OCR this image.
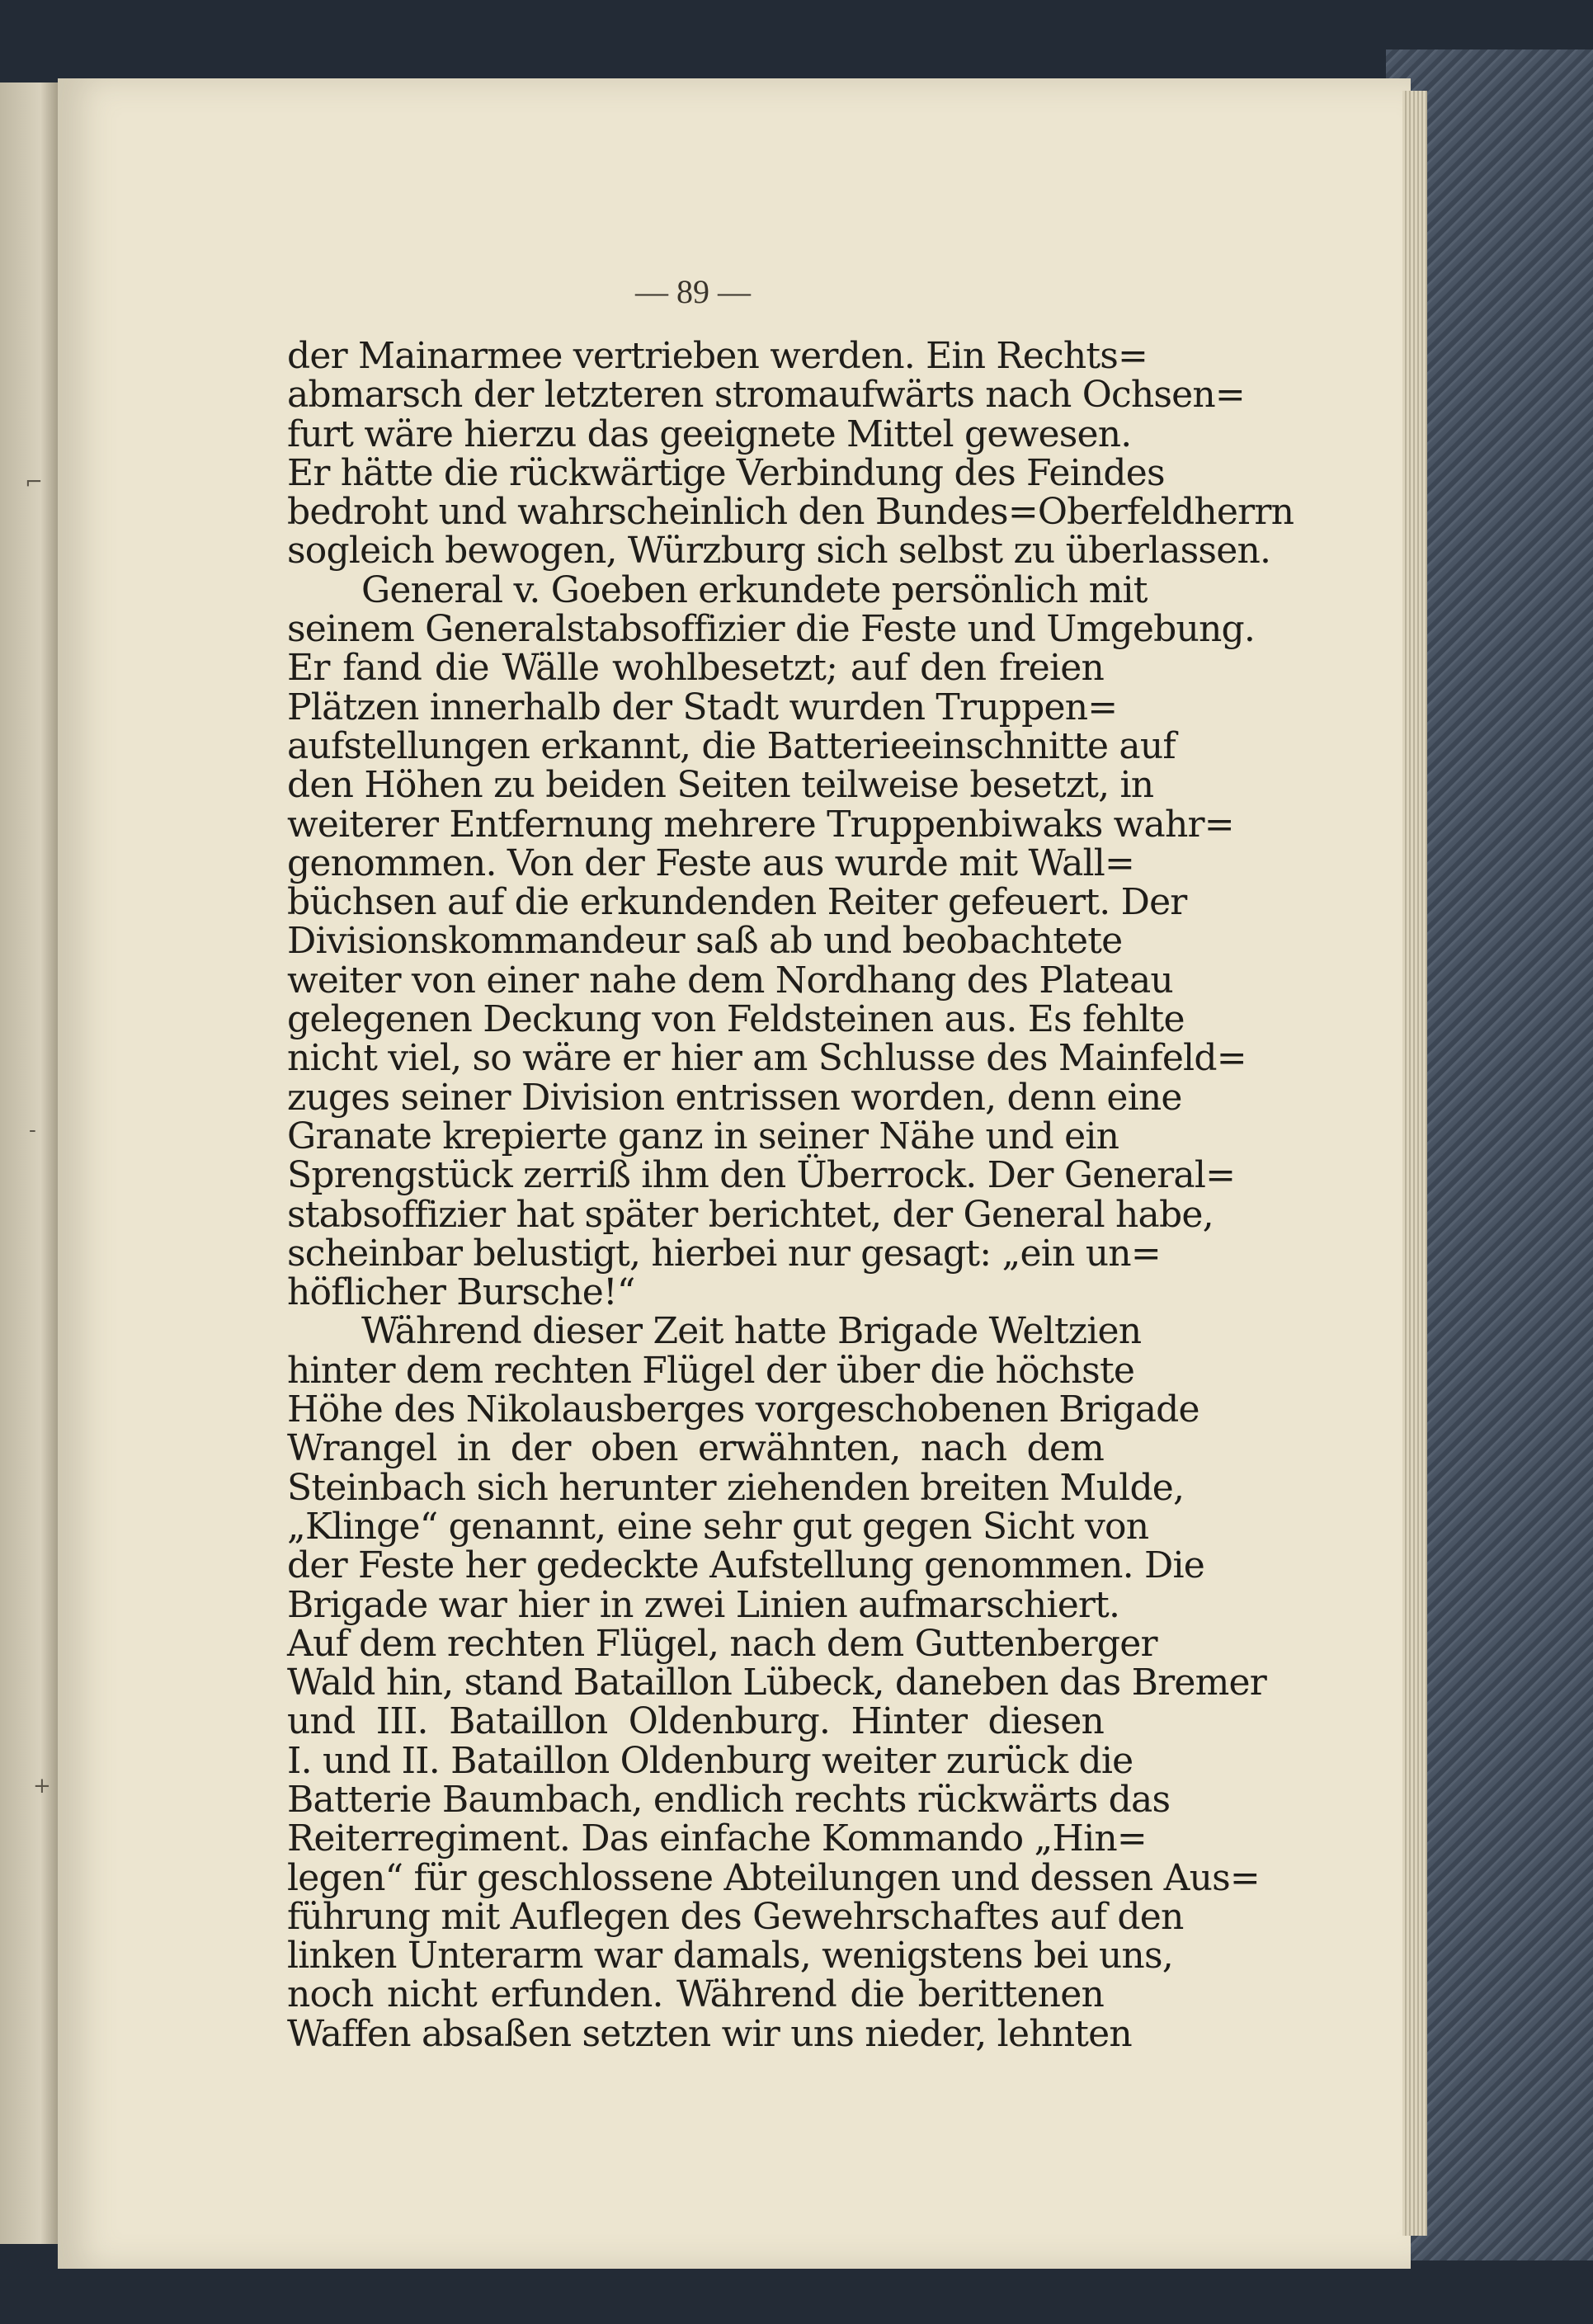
— 89 —
der Mainarmee vertrieben werden. Ein Rechts=
abmarsch der letzteren stromaufwärts nach Ochsen=
furt wäre hierzu das geeignete Mittel gewesen.
Er hätte die rückwärtige Verbindung des Feindes
bedroht und wahrscheinlich den Bundes=Oberfeldherrn
sogleich bewogen, Würzburg sich selbst zu überlassen.
General v. Goeben erkundete persönlich mit
seinem Generalstabsoffizier die Feste und Umgebung.
Er fand die Wälle wohlbesetzt; auf den freien
Plätzen innerhalb der Stadt wurden Truppen=
aufstellungen erkannt, die Batterieeinschnitte auf
den Höhen zu beiden Seiten teilweise besetzt, in
weiterer Entfernung mehrere Truppenbiwaks wahr=
genommen. Von der Feste aus wurde mit Wall=
büchsen auf die erkundenden Reiter gefeuert. Der
Divisionskommandeur saß ab und beobachtete
weiter von einer nahe dem Nordhang des Plateau
gelegenen Deckung von Feldsteinen aus. Es fehlte
nicht viel, so wäre er hier am Schlusse des Mainfeld=
zuges seiner Division entrissen worden, denn eine
Granate krepierte ganz in seiner Nähe und ein
Sprengstück zerriß ihm den Überrock. Der General=
stabsoffizier hat später berichtet, der General habe,
scheinbar belustigt, hierbei nur gesagt: „ein un=
höflicher Bursche!“
Während dieser Zeit hatte Brigade Weltzien
hinter dem rechten Flügel der über die höchste
Höhe des Nikolausberges vorgeschobenen Brigade
Wrangel in der oben erwähnten, nach dem
Steinbach sich herunter ziehenden breiten Mulde,
„Klinge“ genannt, eine sehr gut gegen Sicht von
der Feste her gedeckte Aufstellung genommen. Die
Brigade war hier in zwei Linien aufmarschiert.
Auf dem rechten Flügel, nach dem Guttenberger
Wald hin, stand Bataillon Lübeck, daneben das Bremer
und III. Bataillon Oldenburg. Hinter diesen
I. und II. Bataillon Oldenburg weiter zurück die
Batterie Baumbach, endlich rechts rückwärts das
Reiterregiment. Das einfache Kommando „Hin=
legen“ für geschlossene Abteilungen und dessen Aus=
führung mit Auflegen des Gewehrschaftes auf den
linken Unterarm war damals, wenigstens bei uns,
noch nicht erfunden. Während die berittenen
Waffen absaßen setzten wir uns nieder, lehnten
⌐
-
+
